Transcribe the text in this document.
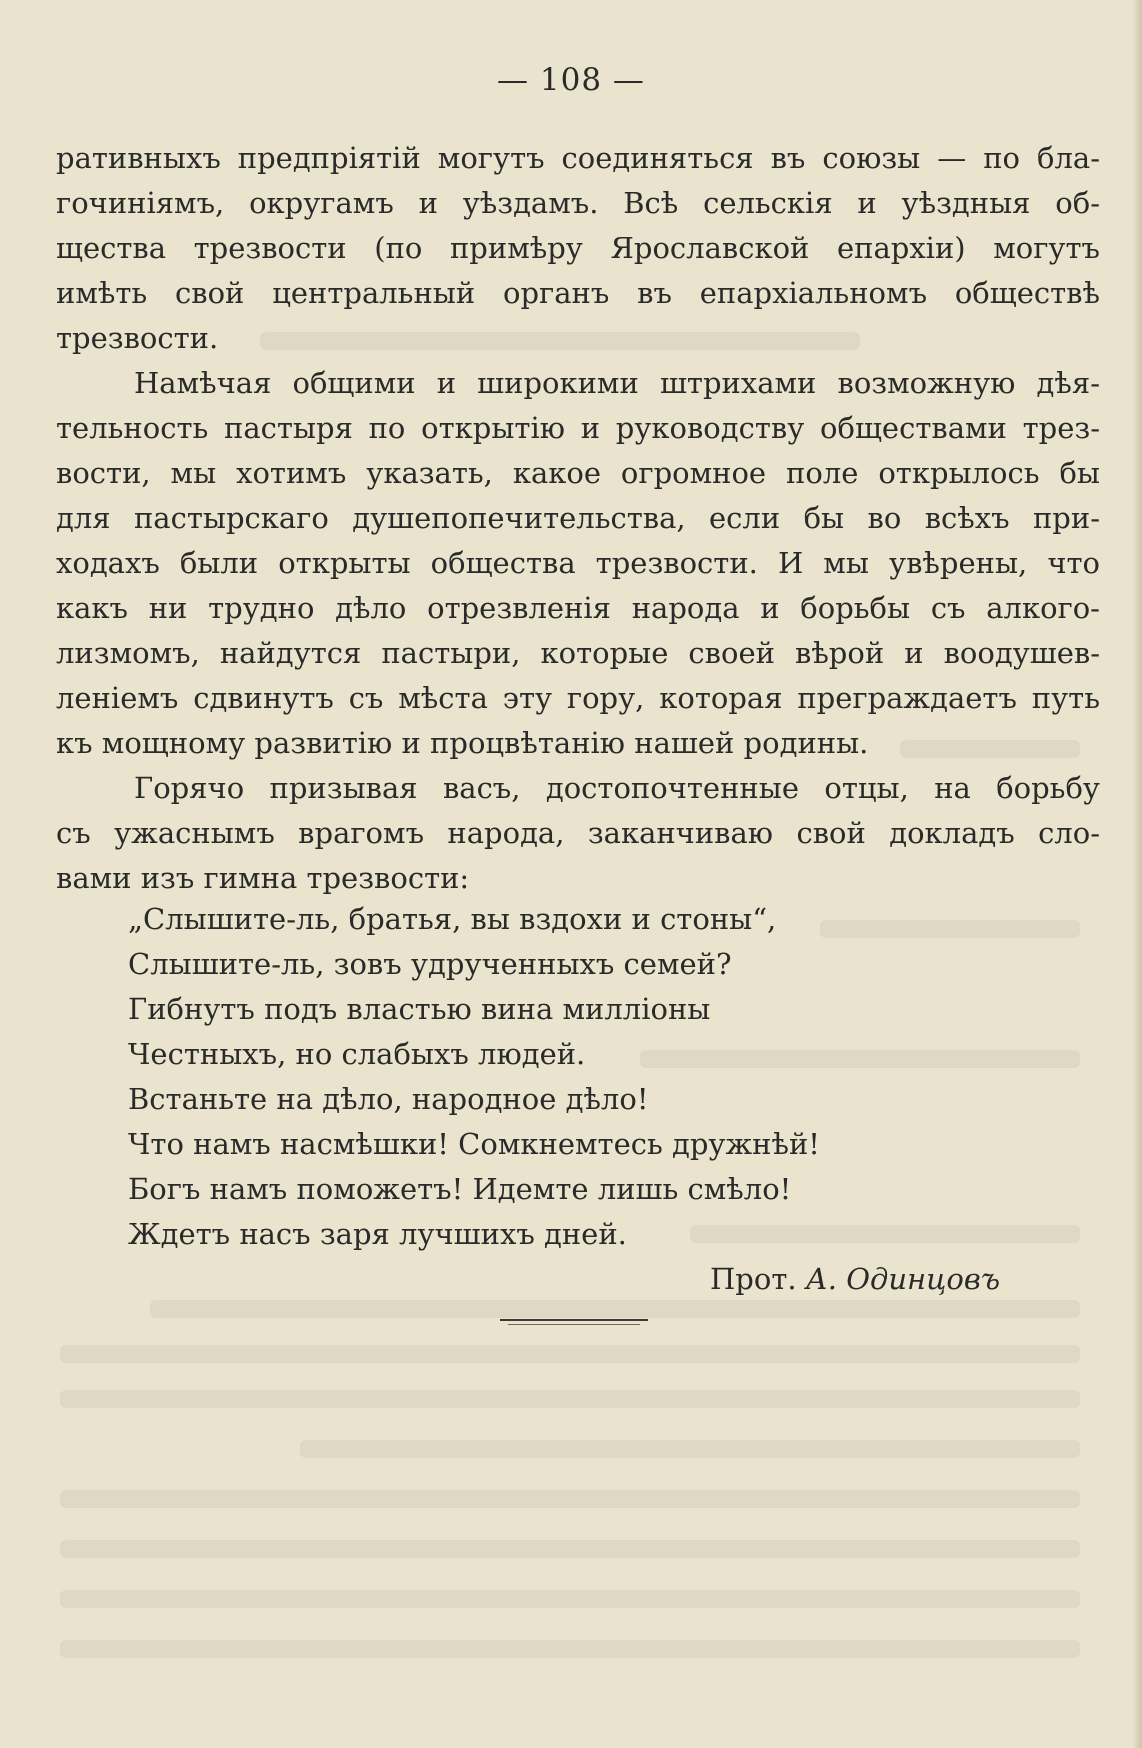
— 108 —

ративныхъ предпріятій могутъ соединяться въ союзы — по бла-
гочиніямъ, округамъ и уѣздамъ. Всѣ сельскія и уѣздныя об-
щества трезвости (по примѣру Ярославской епархіи) могутъ
имѣть свой центральный органъ въ епархіальномъ обществѣ
трезвости.

Намѣчая общими и широкими штрихами возможную дѣя-
тельность пастыря по открытію и руководству обществами трез-
вости, мы хотимъ указать, какое огромное поле открылось бы
для пастырскаго душепопечительства, если бы во всѣхъ при-
ходахъ были открыты общества трезвости. И мы увѣрены, что
какъ ни трудно дѣло отрезвленія народа и борьбы съ алкого-
лизмомъ, найдутся пастыри, которые своей вѣрой и воодушев-
леніемъ сдвинутъ съ мѣста эту гору, которая преграждаетъ путь
къ мощному развитію и процвѣтанію нашей родины.

Горячо призывая васъ, достопочтенные отцы, на борьбу
съ ужаснымъ врагомъ народа, заканчиваю свой докладъ сло-
вами изъ гимна трезвости:

„Слышите-ль, братья, вы вздохи и стоны“,
Слышите-ль, зовъ удрученныхъ семей?
Гибнутъ подъ властью вина милліоны
Честныхъ, но слабыхъ людей.
Встаньте на дѣло, народное дѣло!
Что намъ насмѣшки! Сомкнемтесь дружнѣй!
Богъ намъ поможетъ! Идемте лишь смѣло!
Ждетъ насъ заря лучшихъ дней.
Прот. А. Одинцовъ
